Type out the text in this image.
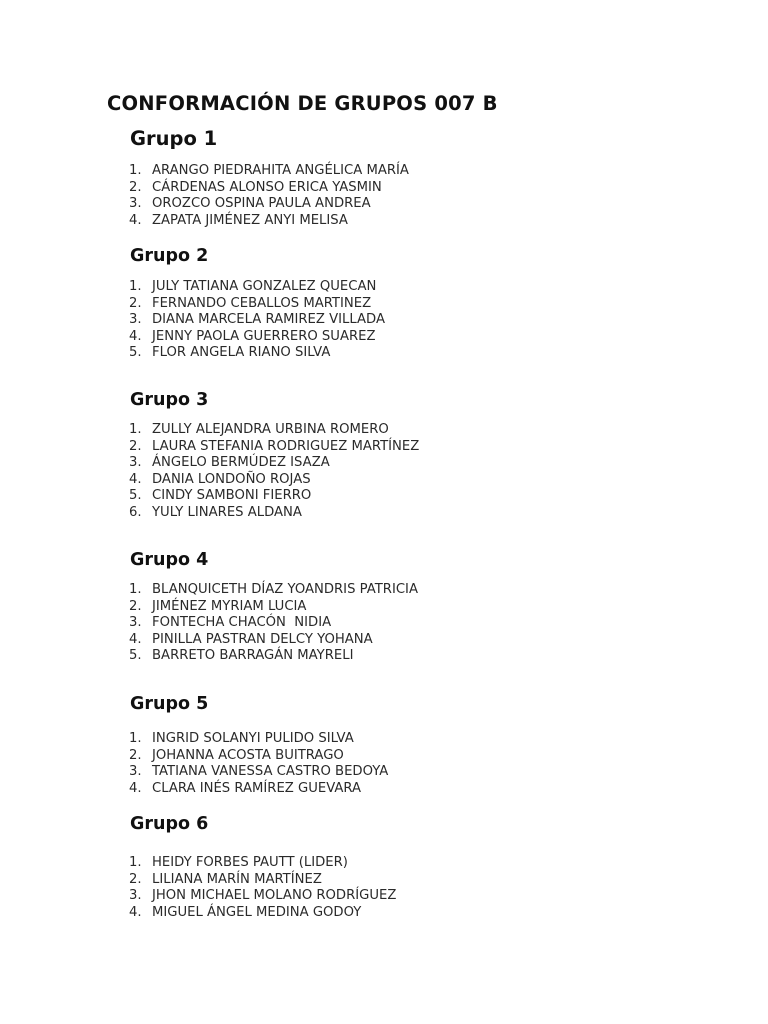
CONFORMACIÓN DE GRUPOS 007 B
Grupo 1
1. ARANGO PIEDRAHITA ANGÉLICA MARÍA
2. CÁRDENAS ALONSO ERICA YASMIN
3. OROZCO OSPINA PAULA ANDREA
4. ZAPATA JIMÉNEZ ANYI MELISA
Grupo 2
1. JULY TATIANA GONZALEZ QUECAN
2. FERNANDO CEBALLOS MARTINEZ
3. DIANA MARCELA RAMIREZ VILLADA
4. JENNY PAOLA GUERRERO SUAREZ
5. FLOR ANGELA RIANO SILVA
Grupo 3
1. ZULLY ALEJANDRA URBINA ROMERO
2. LAURA STEFANIA RODRIGUEZ MARTÍNEZ
3. ÁNGELO BERMÚDEZ ISAZA
4. DANIA LONDOÑO ROJAS
5. CINDY SAMBONI FIERRO
6. YULY LINARES ALDANA
Grupo 4
1. BLANQUICETH DÍAZ YOANDRIS PATRICIA
2. JIMÉNEZ MYRIAM LUCIA
3. FONTECHA CHACÓN  NIDIA
4. PINILLA PASTRAN DELCY YOHANA
5. BARRETO BARRAGÁN MAYRELI
Grupo 5
1. INGRID SOLANYI PULIDO SILVA
2. JOHANNA ACOSTA BUITRAGO
3. TATIANA VANESSA CASTRO BEDOYA
4. CLARA INÉS RAMÍREZ GUEVARA
Grupo 6
1. HEIDY FORBES PAUTT (LIDER)
2. LILIANA MARÍN MARTÍNEZ
3. JHON MICHAEL MOLANO RODRÍGUEZ
4. MIGUEL ÁNGEL MEDINA GODOY
